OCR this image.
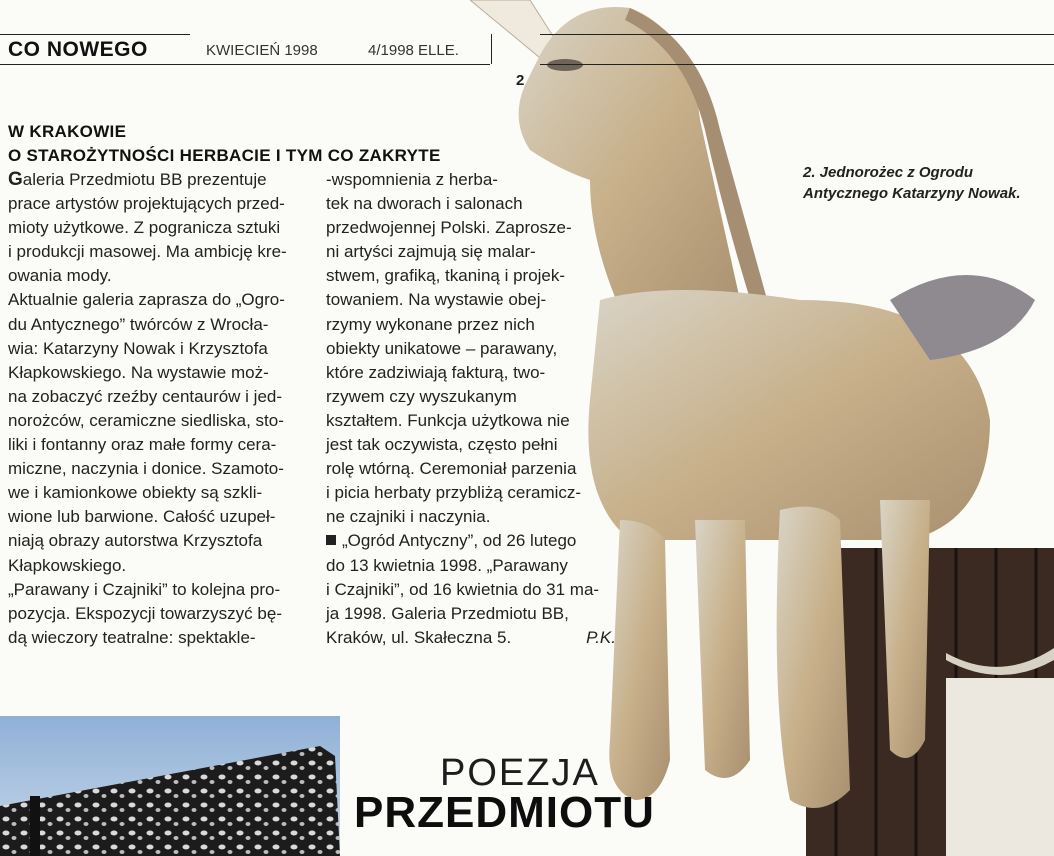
CO NOWEGO	KWIECIEŃ 1998	4/1998 ELLE.
2
W KRAKOWIE
O STAROŻYTNOŚCI HERBACIE I TYM CO ZAKRYTE
Galeria Przedmiotu BB prezentuje
prace artystów projektujących przed-
mioty użytkowe. Z pogranicza sztuki
i produkcji masowej. Ma ambicję kre-
owania mody.
Aktualnie galeria zaprasza do „Ogro-
du Antycznego” twórców z Wrocła-
wia: Katarzyny Nowak i Krzysztofa
Kłapkowskiego. Na wystawie moż-
na zobaczyć rzeźby centaurów i jed-
norożców, ceramiczne siedliska, sto-
liki i fontanny oraz małe formy cera-
miczne, naczynia i donice. Szamoto-
we i kamionkowe obiekty są szkli-
wione lub barwione. Całość uzupeł-
niają obrazy autorstwa Krzysztofa
Kłapkowskiego.
„Parawany i Czajniki” to kolejna pro-
pozycja. Ekspozycji towarzyszyć bę-
dą wieczory teatralne: spektakle-
-wspomnienia z herba-
tek na dworach i salonach
przedwojennej Polski. Zaprosze-
ni artyści zajmują się malar-
stwem, grafiką, tkaniną i projek-
towaniem. Na wystawie obej-
rzymy wykonane przez nich
obiekty unikatowe – parawany,
które zadziwiają fakturą, two-
rzywem czy wyszukanym
kształtem. Funkcja użytkowa nie
jest tak oczywista, często pełni
rolę wtórną. Ceremoniał parzenia
i picia herbaty przybliżą ceramicz-
ne czajniki i naczynia.
„Ogród Antyczny”, od 26 lutego
do 13 kwietnia 1998. „Parawany
i Czajniki”, od 16 kwietnia do 31 ma-
ja 1998. Galeria Przedmiotu BB,
Kraków, ul. Skałeczna 5.	P.K.
2. Jednorożec z Ogrodu Antycznego Katarzyny Nowak.
POEZJA
PRZEDMIOTU
